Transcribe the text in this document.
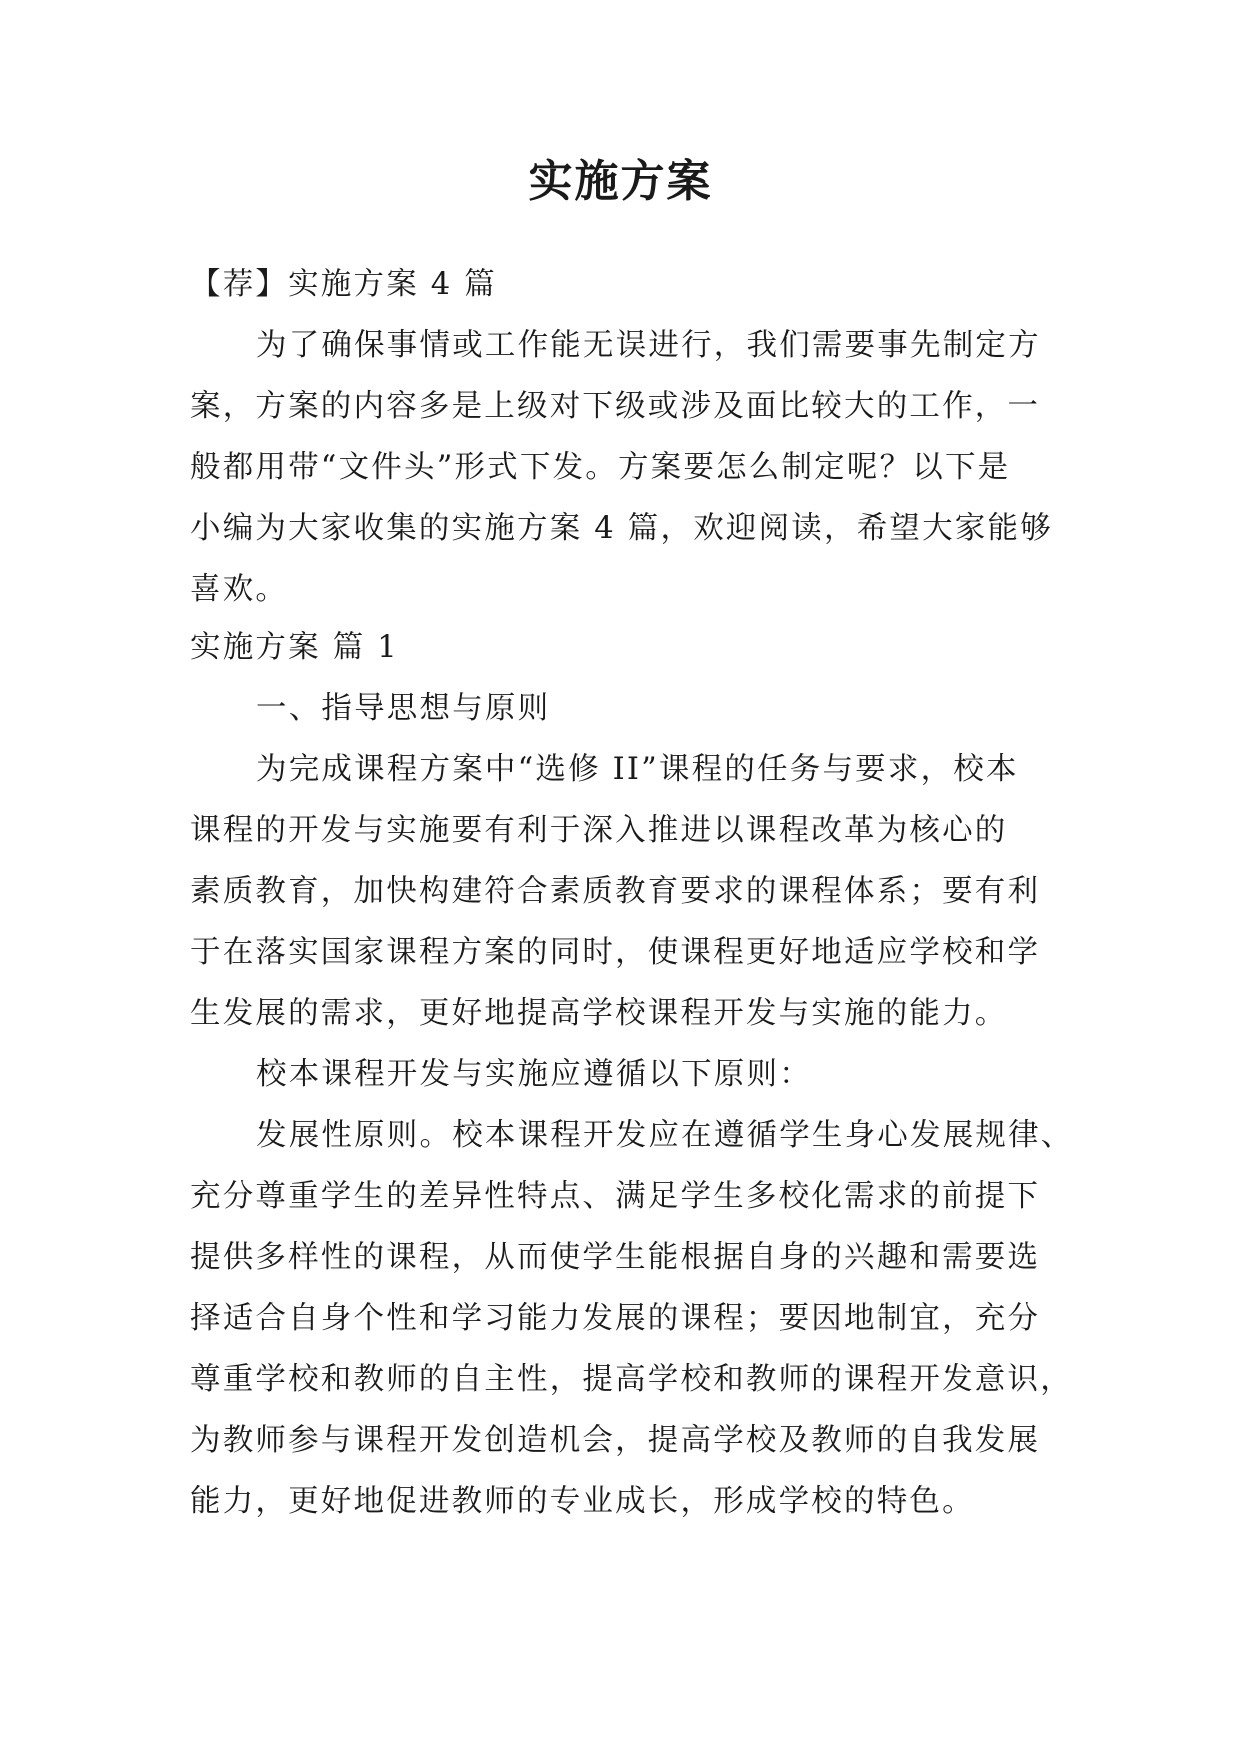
实施方案
【荐】实施方案 4 篇
为了确保事情或工作能无误进行，我们需要事先制定方
案，方案的内容多是上级对下级或涉及面比较大的工作，一
般都用带“文件头”形式下发。方案要怎么制定呢？以下是
小编为大家收集的实施方案 4 篇，欢迎阅读，希望大家能够
喜欢。
实施方案 篇 1
一、指导思想与原则
为完成课程方案中“选修 II”课程的任务与要求，校本
课程的开发与实施要有利于深入推进以课程改革为核心的
素质教育，加快构建符合素质教育要求的课程体系；要有利
于在落实国家课程方案的同时，使课程更好地适应学校和学
生发展的需求，更好地提高学校课程开发与实施的能力。
校本课程开发与实施应遵循以下原则：
发展性原则。校本课程开发应在遵循学生身心发展规律、
充分尊重学生的差异性特点、满足学生多校化需求的前提下
提供多样性的课程，从而使学生能根据自身的兴趣和需要选
择适合自身个性和学习能力发展的课程；要因地制宜，充分
尊重学校和教师的自主性，提高学校和教师的课程开发意识，
为教师参与课程开发创造机会，提高学校及教师的自我发展
能力，更好地促进教师的专业成长，形成学校的特色。
